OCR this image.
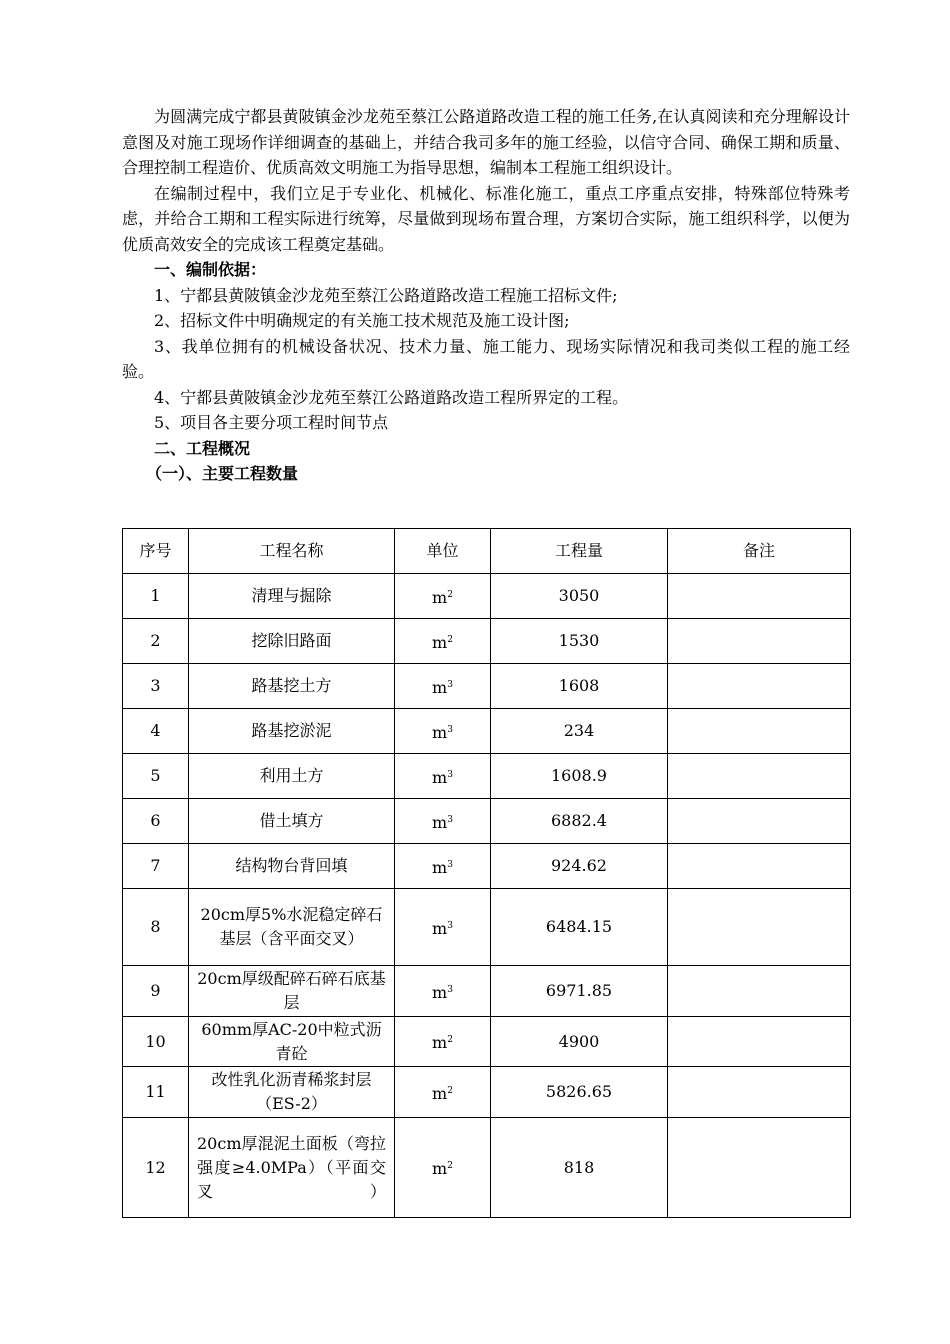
为圆满完成宁都县黄陂镇金沙龙苑至蔡江公路道路改造工程的施工任务,在认真阅读和充分理解设计意图及对施工现场作详细调查的基础上，并结合我司多年的施工经验，以信守合同、确保工期和质量、合理控制工程造价、优质高效文明施工为指导思想，编制本工程施工组织设计。

在编制过程中，我们立足于专业化、机械化、标准化施工，重点工序重点安排，特殊部位特殊考虑，并给合工期和工程实际进行统筹，尽量做到现场布置合理，方案切合实际，施工组织科学，以便为优质高效安全的完成该工程奠定基础。

一、编制依据：

1、宁都县黄陂镇金沙龙苑至蔡江公路道路改造工程施工招标文件;

2、招标文件中明确规定的有关施工技术规范及施工设计图;

3、我单位拥有的机械设备状况、技术力量、施工能力、现场实际情况和我司类似工程的施工经验。

4、宁都县黄陂镇金沙龙苑至蔡江公路道路改造工程所界定的工程。

5、项目各主要分项工程时间节点

二、工程概况

（一）、主要工程数量

序号	工程名称	单位	工程量	备注
1	清理与掘除	$m^2$	3050	
2	挖除旧路面	$m^2$	1530	
3	路基挖土方	$m^3$	1608	
4	路基挖淤泥	$m^3$	234	
5	利用土方	$m^3$	1608.9	
6	借土填方	$m^3$	6882.4	
7	结构物台背回填	$m^3$	924.62	
8	20cm厚5%水泥稳定碎石基层（含平面交叉）	$m^3$	6484.15	
9	20cm厚级配碎石碎石底基层	$m^3$	6971.85	
10	60mm厚AC-20中粒式沥青砼	$m^2$	4900	
11	改性乳化沥青稀浆封层（ES-2）	$m^2$	5826.65	
12	20cm厚混泥土面板（弯拉强度≥4.0MPa）（平面交叉）	$m^2$	818	
